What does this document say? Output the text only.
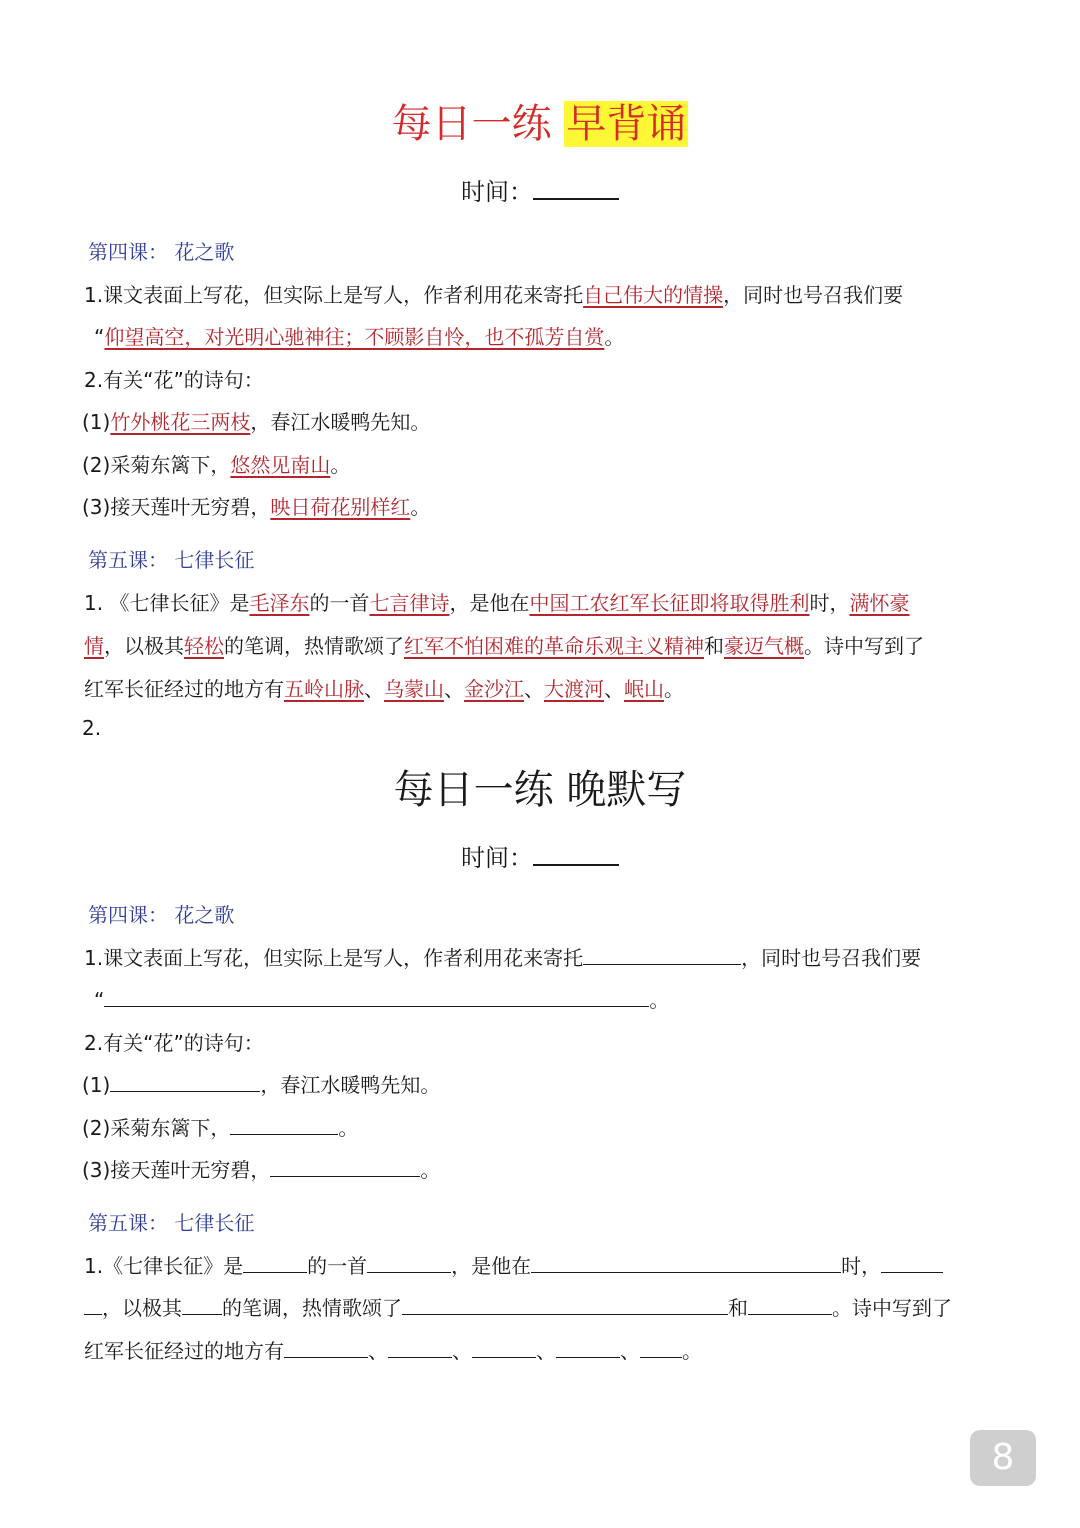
每日一练 早背诵
时间：
第四课： 花之歌
1.课文表面上写花，但实际上是写人，作者利用花来寄托自己伟大的情操，同时也号召我们要
“仰望高空，对光明心驰神往；不顾影自怜，也不孤芳自赏。
2.有关“花”的诗句：
(1)竹外桃花三两枝，春江水暖鸭先知。
(2)采菊东篱下，悠然见南山。
(3)接天莲叶无穷碧，映日荷花别样红。
第五课： 七律长征
1. 《七律长征》是毛泽东的一首七言律诗，是他在中国工农红军长征即将取得胜利时，满怀豪
情，以极其轻松的笔调，热情歌颂了红军不怕困难的革命乐观主义精神和豪迈气概。诗中写到了
红军长征经过的地方有五岭山脉、乌蒙山、金沙江、大渡河、岷山。
2.
每日一练 晚默写
时间：
第四课： 花之歌
1.课文表面上写花，但实际上是写人，作者利用花来寄托	，同时也号召我们要
“	。
2.有关“花”的诗句：
(1)	，春江水暖鸭先知。
(2)采菊东篱下，	。
(3)接天莲叶无穷碧，	。
第五课： 七律长征
1.《七律长征》是	的一首	，是他在	时，
，以极其 的笔调，热情歌颂了	和	。诗中写到了
红军长征经过的地方有	、	、	、	、 。
8
